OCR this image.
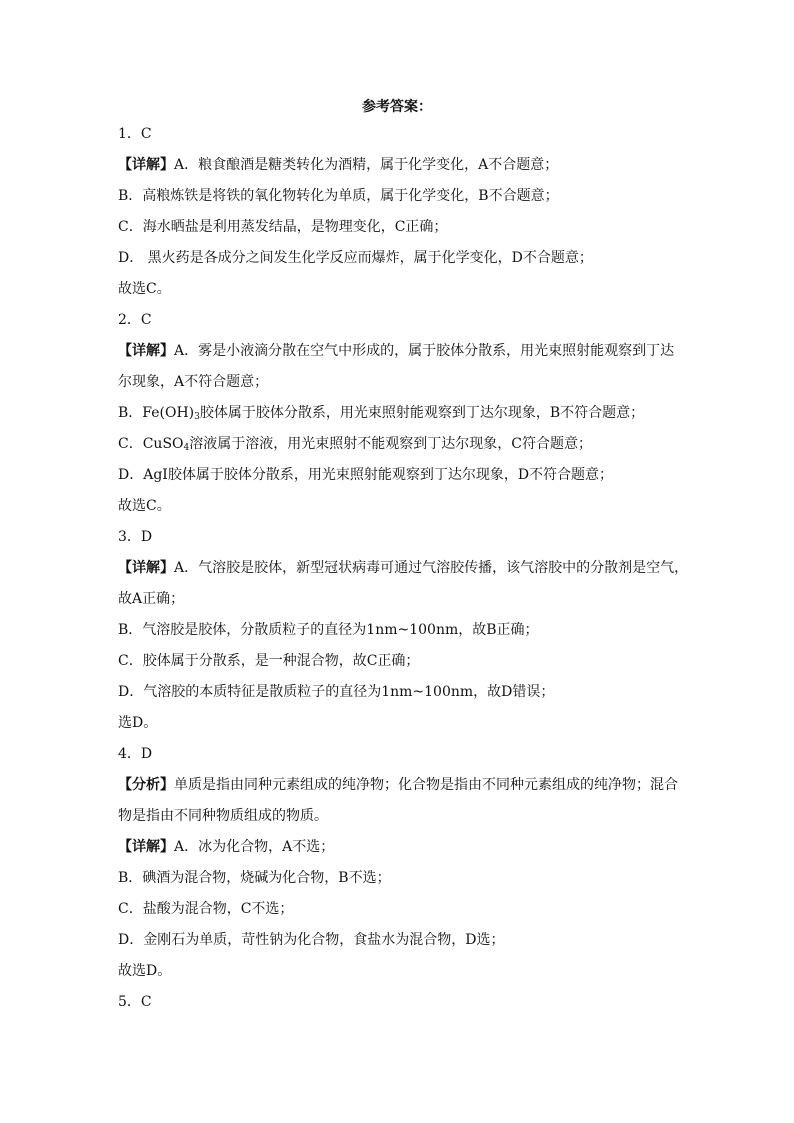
参考答案：
1．C
【详解】A．粮食酿酒是糖类转化为酒精，属于化学变化，A不合题意；
B．高粮炼铁是将铁的氧化物转化为单质，属于化学变化，B不合题意；
C．海水晒盐是利用蒸发结晶，是物理变化，C正确；
D． 黑火药是各成分之间发生化学反应而爆炸，属于化学变化，D不合题意；
故选C。
2．C
【详解】A．雾是小液滴分散在空气中形成的，属于胶体分散系，用光束照射能观察到丁达
尔现象，A不符合题意；
B．$Fe(OH)_3$胶体属于胶体分散系，用光束照射能观察到丁达尔现象，B不符合题意；
C．CuSO$_4$溶液属于溶液，用光束照射不能观察到丁达尔现象，C符合题意；
D．AgI胶体属于胶体分散系，用光束照射能观察到丁达尔现象，D不符合题意；
故选C。
3．D
【详解】A．气溶胶是胶体，新型冠状病毒可通过气溶胶传播，该气溶胶中的分散剂是空气，
故A正确；
B．气溶胶是胶体，分散质粒子的直径为1nm~100nm，故B正确；
C．胶体属于分散系，是一种混合物，故C正确；
D．气溶胶的本质特征是散质粒子的直径为1nm~100nm，故D错误；
选D。
4．D
【分析】单质是指由同种元素组成的纯净物；化合物是指由不同种元素组成的纯净物；混合
物是指由不同种物质组成的物质。
【详解】A．冰为化合物，A不选；
B．碘酒为混合物，烧碱为化合物，B不选；
C．盐酸为混合物，C不选；
D．金刚石为单质，苛性钠为化合物，食盐水为混合物，D选；
故选D。
5．C
